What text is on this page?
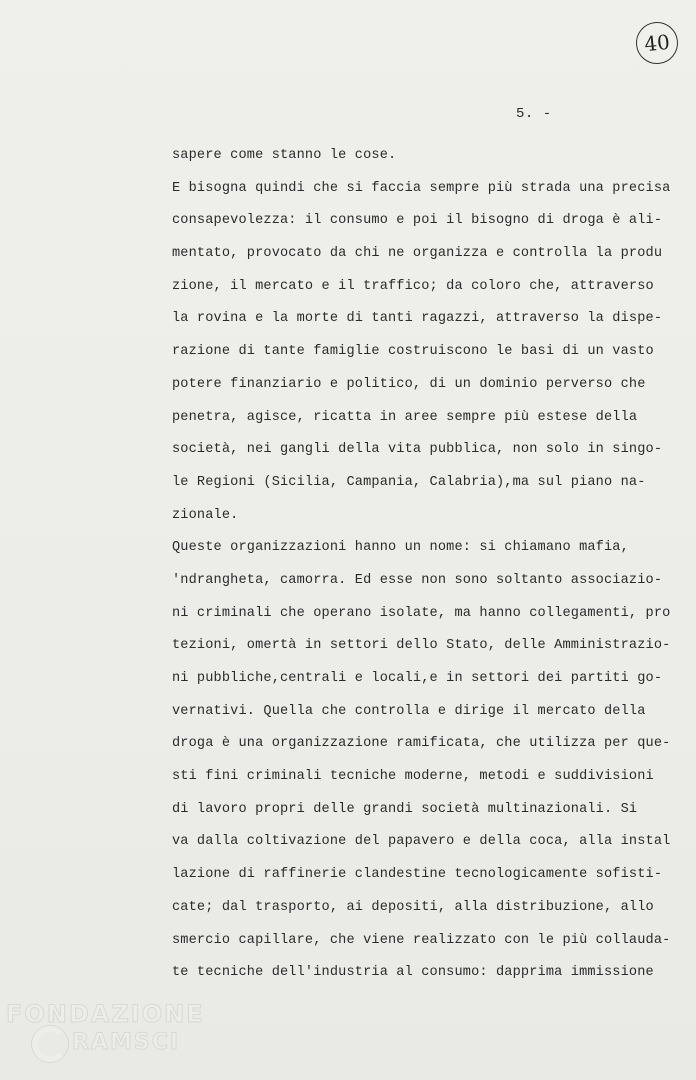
40
5. -
sapere come stanno le cose.
E bisogna quindi che si faccia sempre più strada una precisa
consapevolezza: il consumo e poi il bisogno di droga è ali-
mentato, provocato da chi ne organizza e controlla la produ
zione, il mercato e il traffico; da coloro che, attraverso
la rovina e la morte di tanti ragazzi, attraverso la dispe-
razione di tante famiglie costruiscono le basi di un vasto
potere finanziario e politico, di un dominio perverso che
penetra, agisce, ricatta in aree sempre più estese della
società, nei gangli della vita pubblica, non solo in singo-
le Regioni (Sicilia, Campania, Calabria),ma sul piano na-
zionale.
Queste organizzazioni hanno un nome: si chiamano mafia,
'ndrangheta, camorra. Ed esse non sono soltanto associazio-
ni criminali che operano isolate, ma hanno collegamenti, pro
tezioni, omertà in settori dello Stato, delle Amministrazio-
ni pubbliche,centrali e locali,e in settori dei partiti go-
vernativi. Quella che controlla e dirige il mercato della
droga è una organizzazione ramificata, che utilizza per que-
sti fini criminali tecniche moderne, metodi e suddivisioni
di lavoro propri delle grandi società multinazionali. Si
va dalla coltivazione del papavero e della coca, alla instal
lazione di raffinerie clandestine tecnologicamente sofisti-
cate; dal trasporto, ai depositi, alla distribuzione, allo
smercio capillare, che viene realizzato con le più collauda-
te tecniche dell'industria al consumo: dapprima immissione
FONDAZIONE
RAMSCI
